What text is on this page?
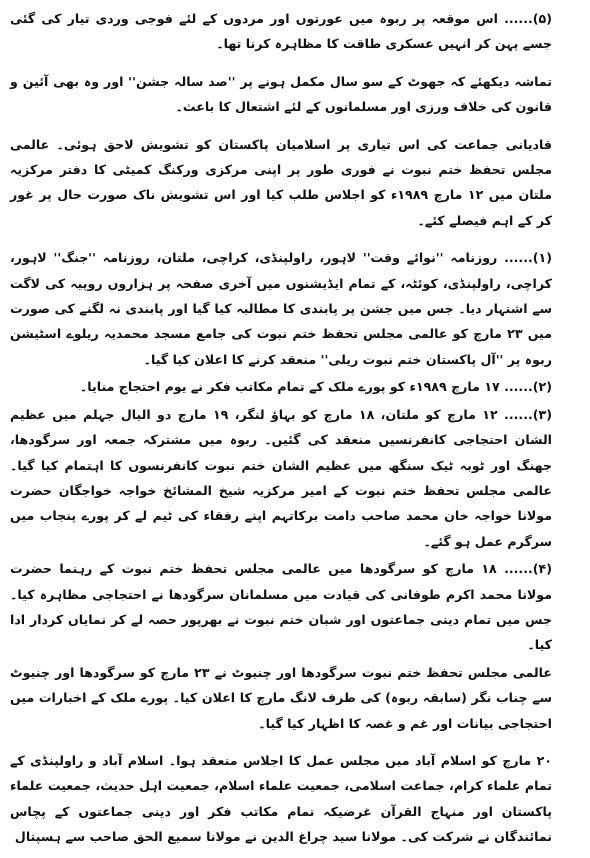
(۵)...... اس موقعہ پر ربوہ میں عورتوں اور مردوں کے لئے فوجی وردی تیار کی گئی جسے پہن کر انہیں عسکری طاقت کا مظاہرہ کرنا تھا۔

تماشہ دیکھئے کہ جھوٹ کے سو سال مکمل ہونے پر ''صد سالہ جشن'' اور وہ بھی آئین و قانون کی خلاف ورزی اور مسلمانوں کے لئے اشتعال کا باعث۔

قادیانی جماعت کی اس تیاری پر اسلامیان پاکستان کو تشویش لاحق ہوئی۔ عالمی مجلس تحفظ ختم نبوت نے فوری طور پر اپنی مرکزی ورکنگ کمیٹی کا دفتر مرکزیہ ملتان میں ۱۲ مارچ ۱۹۸۹ء کو اجلاس طلب کیا اور اس تشویش ناک صورت حال پر غور کر کے اہم فیصلے کئے۔

(۱)...... روزنامہ ''نوائے وقت'' لاہور، راولپنڈی، کراچی، ملتان، روزنامہ ''جنگ'' لاہور، کراچی، راولپنڈی، کوئٹہ، کے تمام ایڈیشنوں میں آخری صفحہ پر ہزاروں روپیہ کی لاگت سے اشتہار دیا۔ جس میں جشن پر پابندی کا مطالبہ کیا گیا اور پابندی نہ لگنے کی صورت میں ۲۳ مارچ کو عالمی مجلس تحفظ ختم نبوت کی جامع مسجد محمدیہ ریلوے اسٹیشن ربوہ پر ''آل پاکستان ختم نبوت ریلی'' منعقد کرنے کا اعلان کیا گیا۔

(۲)...... ۱۷ مارچ ۱۹۸۹ء کو پورے ملک کے تمام مکاتب فکر نے یوم احتجاج منایا۔

(۳)...... ۱۲ مارچ کو ملتان، ۱۸ مارچ کو بہاؤ لنگر، ۱۹ مارچ دو الیال جہلم میں عظیم الشان احتجاجی کانفرنسیں منعقد کی گئیں۔ ربوہ میں مشترکہ جمعہ اور سرگودھا، جھنگ اور ٹوبہ ٹیک سنگھ میں عظیم الشان ختم نبوت کانفرنسوں کا اہتمام کیا گیا۔ عالمی مجلس تحفظ ختم نبوت کے امیر مرکزیہ شیخ المشائخ خواجہ خواجگان حضرت مولانا خواجہ خان محمد صاحب دامت برکاتہم اپنے رفقاء کی ٹیم لے کر پورے پنجاب میں سرگرم عمل ہو گئے۔

(۴)...... ۱۸ مارچ کو سرگودھا میں عالمی مجلس تحفظ ختم نبوت کے رہنما حضرت مولانا محمد اکرم طوفانی کی قیادت میں مسلمانان سرگودھا نے احتجاجی مظاہرہ کیا۔ جس میں تمام دینی جماعتوں اور شبان ختم نبوت نے بھرپور حصہ لے کر نمایاں کردار ادا کیا۔

عالمی مجلس تحفظ ختم نبوت سرگودھا اور چنیوٹ نے ۲۳ مارچ کو سرگودھا اور چنیوٹ سے چناب نگر (سابقہ ربوہ) کی طرف لانگ مارچ کا اعلان کیا۔ پورے ملک کے اخبارات میں احتجاجی بیانات اور غم و غصہ کا اظہار کیا گیا۔

۲۰ مارچ کو اسلام آباد میں مجلس عمل کا اجلاس منعقد ہوا۔ اسلام آباد و راولپنڈی کے تمام علماء کرام، جماعت اسلامی، جمعیت علماء اسلام، جمعیت اہل حدیث، جمعیت علماء پاکستان اور منہاج القرآن غرضیکہ تمام مکاتب فکر اور دینی جماعتوں کے پچاس نمائندگان نے شرکت کی۔ مولانا سید چراغ الدین نے مولانا سمیع الحق صاحب سے ہسپتال
